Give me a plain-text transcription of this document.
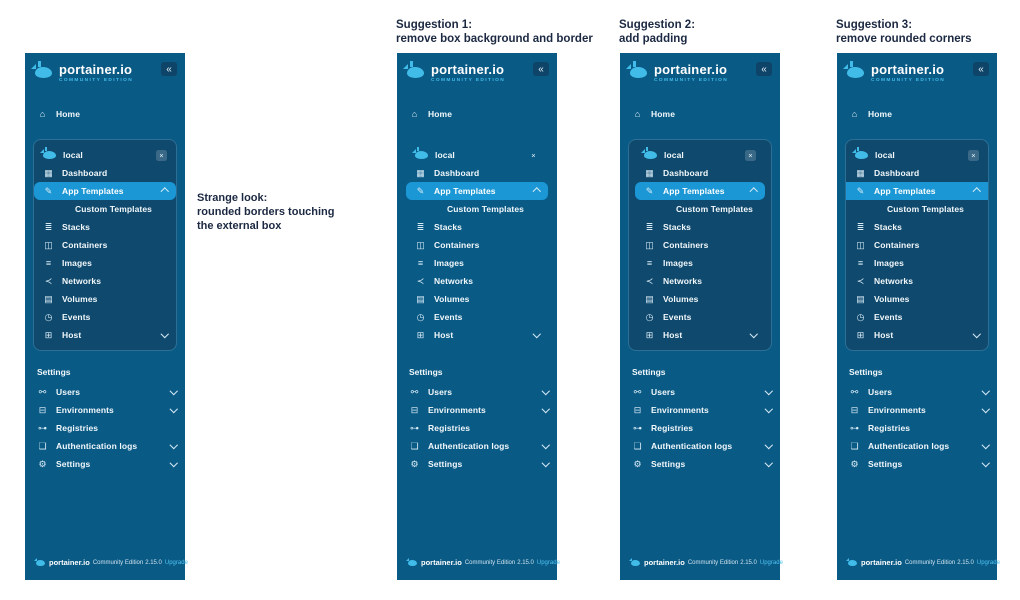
Suggestion 1:
remove box background and border
Suggestion 2:
add padding
Suggestion 3:
remove rounded corners
Strange look:
rounded borders touching
the external box
portainer.io
COMMUNITY EDITION
«
⌂	Home
local	×
▦ Dashboard
✎ App Templates
Custom Templates
≣ Stacks
◫ Containers
≡	Images
≺ Networks
▤ Volumes
◷ Events
⊞ Host
Settings
⚯ Users
⊟ Environments
⊶ Registries
❏ Authentication logs
⚙ Settings
portainer.io Community Edition 2.15.0 Upgrade
portainer.io
COMMUNITY EDITION
«
⌂	Home
local	×
▦ Dashboard
✎ App Templates
Custom Templates
≣ Stacks
◫ Containers
≡	Images
≺ Networks
▤ Volumes
◷ Events
⊞ Host
Settings
⚯ Users
⊟ Environments
⊶ Registries
❏ Authentication logs
⚙ Settings
portainer.io Community Edition 2.15.0 Upgrade
portainer.io
COMMUNITY EDITION
«
⌂	Home
local	×
▦ Dashboard
✎ App Templates
Custom Templates
≣ Stacks
◫ Containers
≡	Images
≺ Networks
▤ Volumes
◷ Events
⊞ Host
Settings
⚯ Users
⊟ Environments
⊶ Registries
❏ Authentication logs
⚙ Settings
portainer.io Community Edition 2.15.0 Upgrade
portainer.io
COMMUNITY EDITION
«
⌂	Home
local	×
▦ Dashboard
✎ App Templates
Custom Templates
≣ Stacks
◫ Containers
≡	Images
≺ Networks
▤ Volumes
◷ Events
⊞ Host
Settings
⚯ Users
⊟ Environments
⊶ Registries
❏ Authentication logs
⚙ Settings
portainer.io Community Edition 2.15.0 Upgrade
